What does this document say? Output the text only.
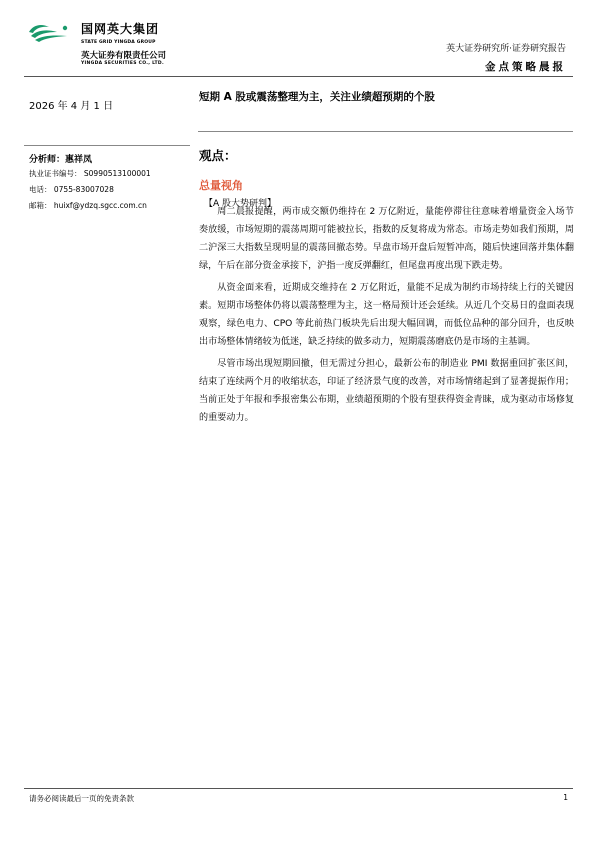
国网英大集团
STATE GRID YINGDA GROUP
英大证券有限责任公司
YINGDA SECURITIES CO., LTD.
英大证券研究所·证券研究报告
金点策略晨报
2026 年 4 月 1 日
短期 A 股或震荡整理为主，关注业绩超预期的个股
分析师：惠祥凤
执业证书编号： S0990513100001
电话： 0755-83007028
邮箱： huixf@ydzq.sgcc.com.cn
观点：
总量视角
【A 股大势研判】

周二晨报提醒，两市成交额仍维持在 2 万亿附近，量能停滞往往意味着增量资金入场节奏放缓，市场短期的震荡周期可能被拉长，指数的反复将成为常态。市场走势如我们预期，周二沪深三大指数呈现明显的震荡回撤态势。早盘市场开盘后短暂冲高，随后快速回落并集体翻绿，午后在部分资金承接下，沪指一度反弹翻红，但尾盘再度出现下跌走势。

从资金面来看，近期成交维持在 2 万亿附近，量能不足成为制约市场持续上行的关键因素。短期市场整体仍将以震荡整理为主，这一格局预计还会延续。从近几个交易日的盘面表现观察，绿色电力、CPO 等此前热门板块先后出现大幅回调，而低位品种的部分回升，也反映出市场整体情绪较为低迷，缺乏持续的做多动力，短期震荡磨底仍是市场的主基调。

尽管市场出现短期回撤，但无需过分担心，最新公布的制造业 PMI 数据重回扩张区间，结束了连续两个月的收缩状态，印证了经济景气度的改善，对市场情绪起到了显著提振作用；当前正处于年报和季报密集公布期，业绩超预期的个股有望获得资金青睐，成为驱动市场修复的重要动力。

请务必阅读最后一页的免责条款	1
